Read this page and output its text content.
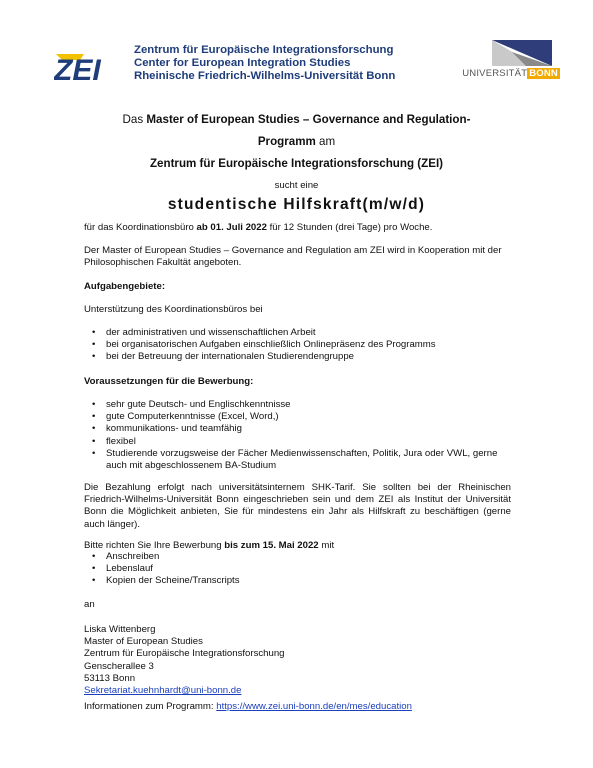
ZEI
Zentrum für Europäische Integrationsforschung
Center for European Integration Studies
Rheinische Friedrich-Wilhelms-Universität Bonn	UNIVERSITÄT BONN
Das Master of European Studies – Governance and Regulation-
Programm am
Zentrum für Europäische Integrationsforschung (ZEI)
sucht eine
studentische Hilfskraft(m/w/d)

für das Koordinationsbüro ab 01. Juli 2022 für 12 Stunden (drei Tage) pro Woche.

Der Master of European Studies – Governance and Regulation am ZEI wird in Kooperation mit der Philosophischen Fakultät angeboten.

Aufgabengebiete:

Unterstützung des Koordinationsbüros bei

• der administrativen und wissenschaftlichen Arbeit
• bei organisatorischen Aufgaben einschließlich Onlinepräsenz des Programms
• bei der Betreuung der internationalen Studierendengruppe

Voraussetzungen für die Bewerbung:

• sehr gute Deutsch- und Englischkenntnisse
• gute Computerkenntnisse (Excel, Word,)
• kommunikations- und teamfähig
• flexibel
• Studierende vorzugsweise der Fächer Medienwissenschaften, Politik, Jura oder VWL, gerne auch mit abgeschlossenem BA-Studium

Die Bezahlung erfolgt nach universitätsinternem SHK-Tarif. Sie sollten bei der Rheinischen Friedrich-Wilhelms-Universität Bonn eingeschrieben sein und dem ZEI als Institut der Universität Bonn die Möglichkeit anbieten, Sie für mindestens ein Jahr als Hilfskraft zu beschäftigen (gerne auch länger).

Bitte richten Sie Ihre Bewerbung bis zum 15. Mai 2022 mit

• Anschreiben
• Lebenslauf
• Kopien der Scheine/Transcripts

an

Liska Wittenberg

Master of European Studies

Zentrum für Europäische Integrationsforschung

Genscherallee 3

53113 Bonn

Sekretariat.kuehnhardt@uni-bonn.de

Informationen zum Programm: https://www.zei.uni-bonn.de/en/mes/education
